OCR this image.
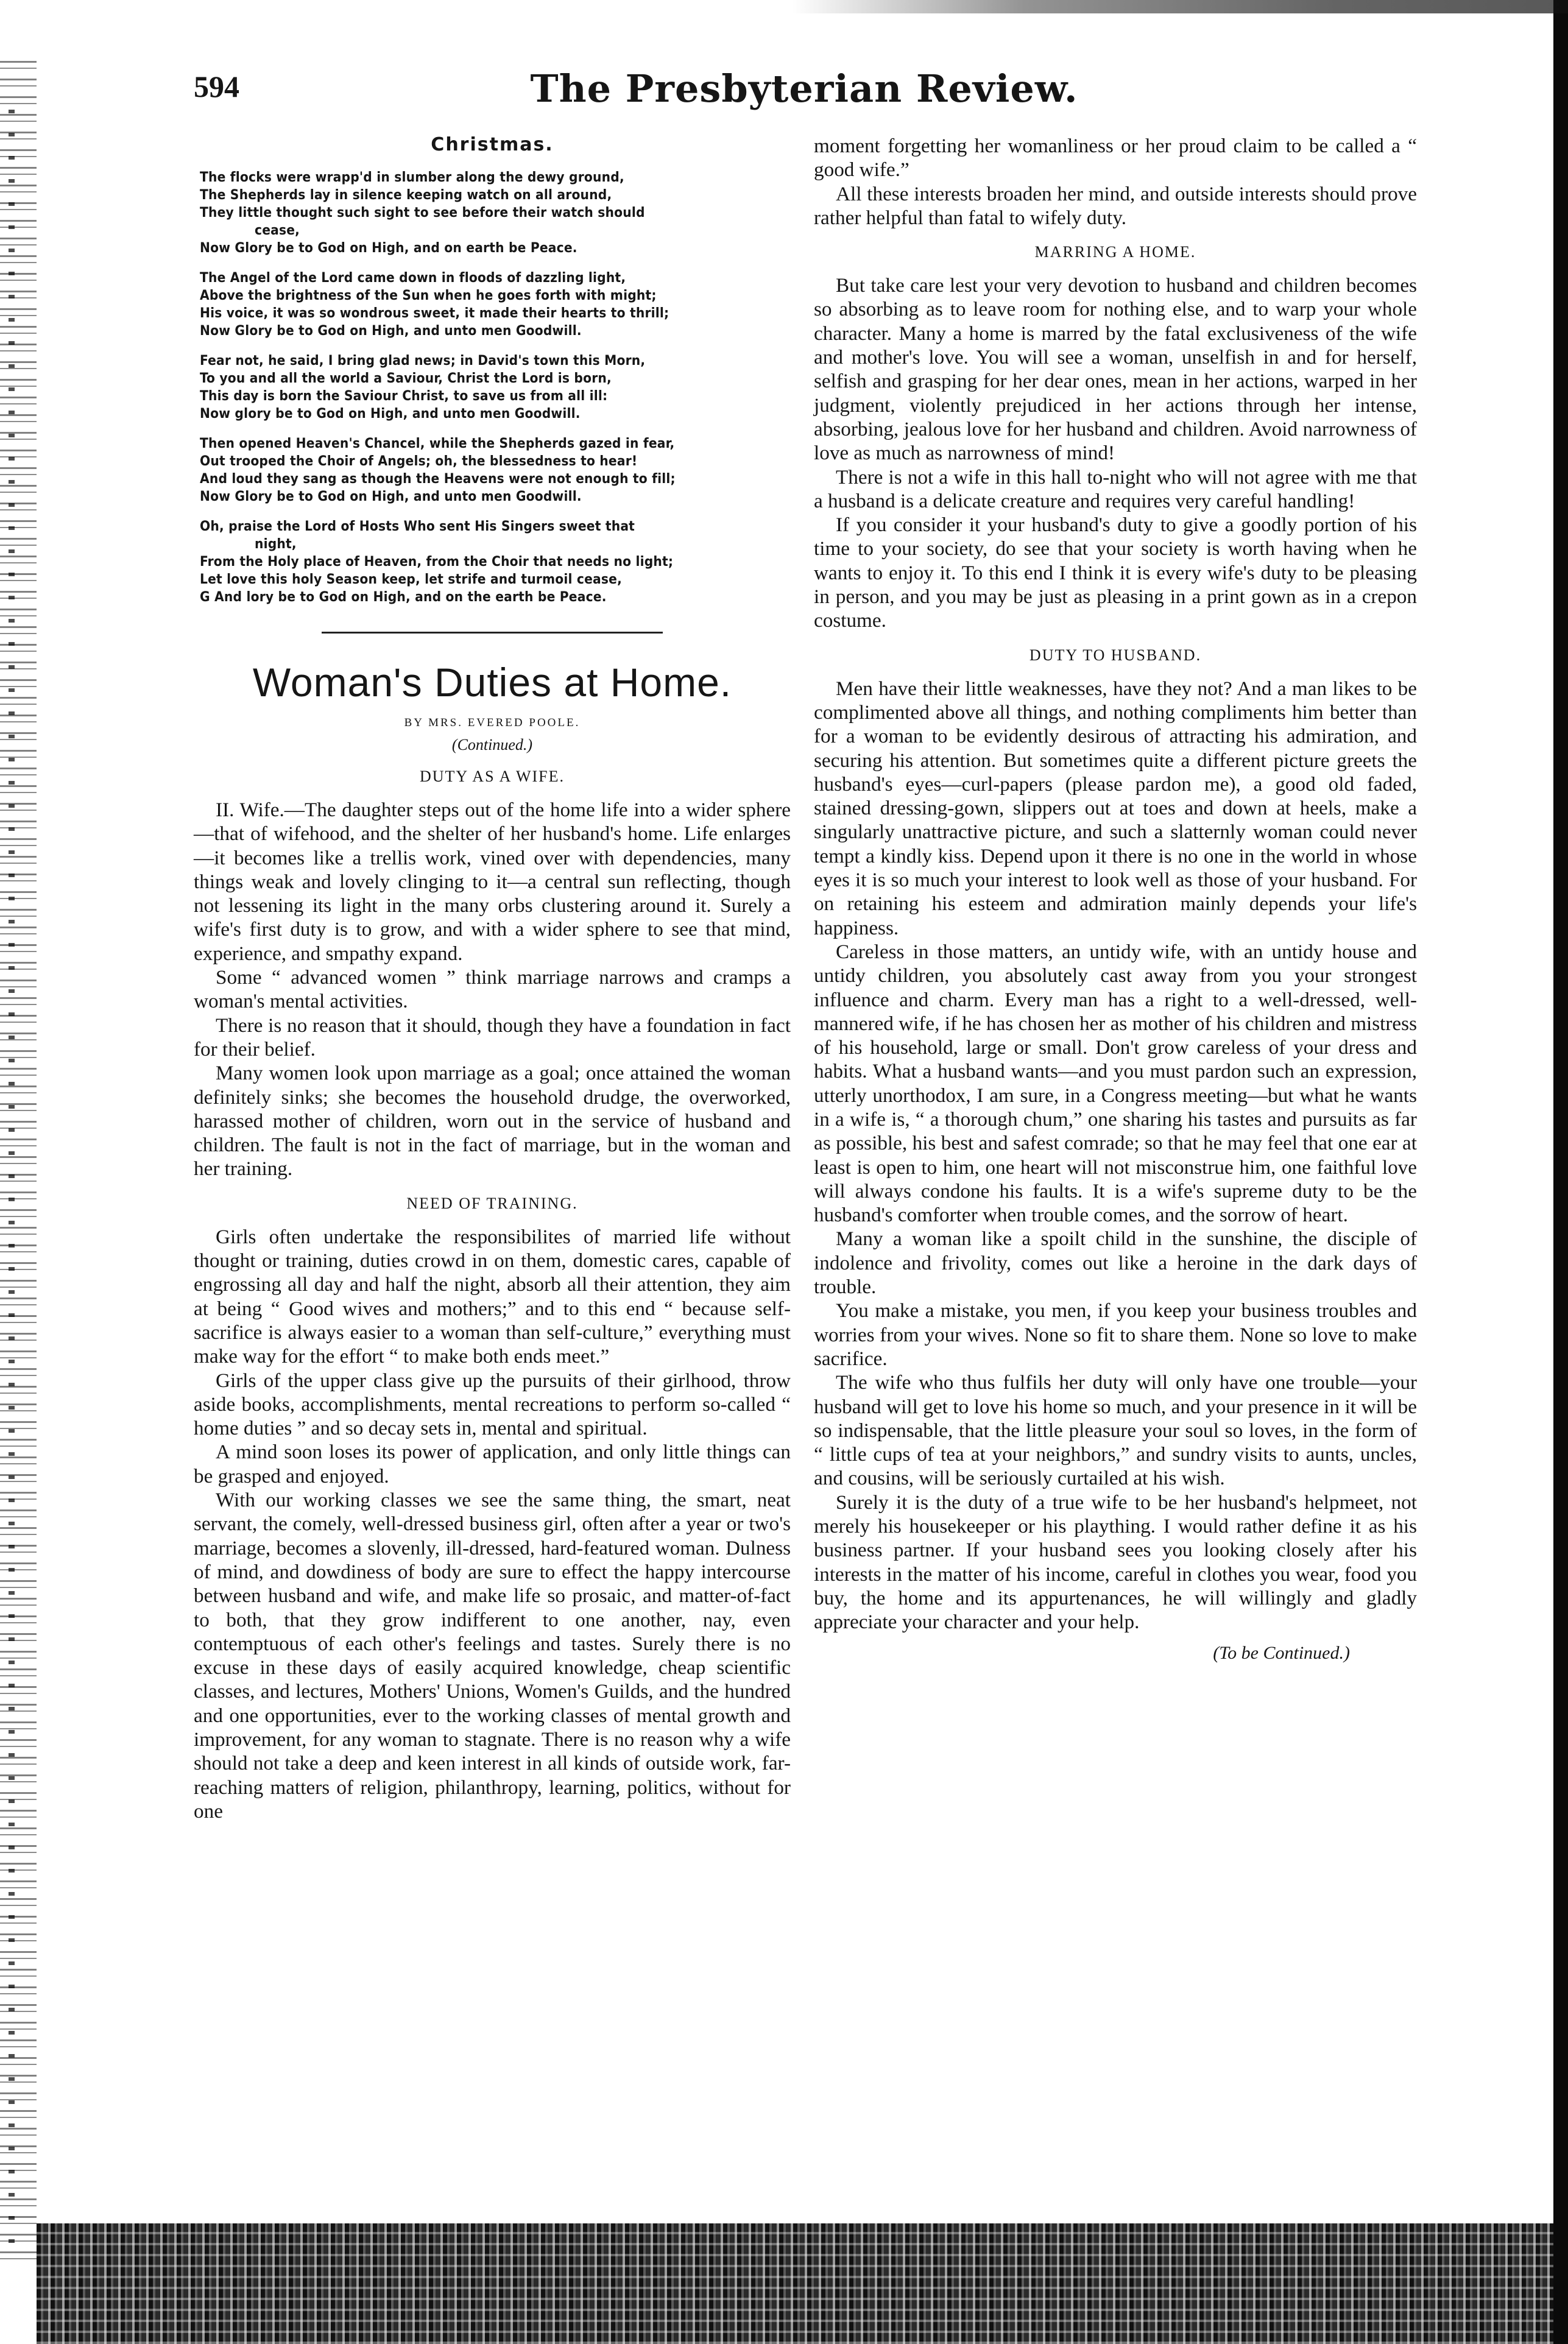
594	The Presbyterian Review.
Christmas.
The flocks were wrapp'd in slumber along the dewy ground,
The Shepherds lay in silence keeping watch on all around,
They little thought such sight to see before their watch should
cease,
Now Glory be to God on High, and on earth be Peace.
The Angel of the Lord came down in floods of dazzling light,
Above the brightness of the Sun when he goes forth with might;
His voice, it was so wondrous sweet, it made their hearts to thrill;
Now Glory be to God on High, and unto men Goodwill.
Fear not, he said, I bring glad news; in David's town this Morn,
To you and all the world a Saviour, Christ the Lord is born,
This day is born the Saviour Christ, to save us from all ill:
Now glory be to God on High, and unto men Goodwill.
Then opened Heaven's Chancel, while the Shepherds gazed in fear,
Out trooped the Choir of Angels; oh, the blessedness to hear!
And loud they sang as though the Heavens were not enough to fill;
Now Glory be to God on High, and unto men Goodwill.
Oh, praise the Lord of Hosts Who sent His Singers sweet that
night,
From the Holy place of Heaven, from the Choir that needs no light;
Let love this holy Season keep, let strife and turmoil cease,
G And lory be to God on High, and on the earth be Peace.
Woman's Duties at Home.
BY MRS. EVERED POOLE.
(Continued.)
DUTY AS A WIFE.

II. Wife.—The daughter steps out of the home life into a wider sphere—that of wifehood, and the shelter of her husband's home. Life enlarges—it becomes like a trellis work, vined over with dependencies, many things weak and lovely clinging to it—a central sun reflecting, though not lessening its light in the many orbs clustering around it. Surely a wife's first duty is to grow, and with a wider sphere to see that mind, experience, and smpathy expand.

Some “ advanced women ” think marriage narrows and cramps a woman's mental activities.

There is no reason that it should, though they have a foundation in fact for their belief.

Many women look upon marriage as a goal; once attained the woman definitely sinks; she becomes the household drudge, the overworked, harassed mother of children, worn out in the service of husband and children. The fault is not in the fact of marriage, but in the woman and her training.

NEED OF TRAINING.

Girls often undertake the responsibilites of married life without thought or training, duties crowd in on them, domestic cares, capable of engrossing all day and half the night, absorb all their attention, they aim at being “ Good wives and mothers;” and to this end “ because self-sacrifice is always easier to a woman than self-culture,” everything must make way for the effort “ to make both ends meet.”

Girls of the upper class give up the pursuits of their girlhood, throw aside books, accomplishments, mental recreations to perform so-called “ home duties ” and so decay sets in, mental and spiritual.

A mind soon loses its power of application, and only little things can be grasped and enjoyed.

With our working classes we see the same thing, the smart, neat servant, the comely, well-dressed business girl, often after a year or two's marriage, becomes a slovenly, ill-dressed, hard-featured woman. Dulness of mind, and dowdiness of body are sure to effect the happy intercourse between husband and wife, and make life so prosaic, and matter-of-fact to both, that they grow indifferent to one another, nay, even contemptuous of each other's feelings and tastes. Surely there is no excuse in these days of easily acquired knowledge, cheap scientific classes, and lectures, Mothers' Unions, Women's Guilds, and the hundred and one opportunities, ever to the working classes of mental growth and improvement, for any woman to stagnate. There is no reason why a wife should not take a deep and keen interest in all kinds of outside work, far-reaching matters of religion, philanthropy, learning, politics, without for one

moment forgetting her womanliness or her proud claim to be called a “ good wife.”

All these interests broaden her mind, and outside interests should prove rather helpful than fatal to wifely duty.

MARRING A HOME.

But take care lest your very devotion to husband and children becomes so absorbing as to leave room for nothing else, and to warp your whole character. Many a home is marred by the fatal exclusiveness of the wife and mother's love. You will see a woman, unselfish in and for herself, selfish and grasping for her dear ones, mean in her actions, warped in her judgment, violently prejudiced in her actions through her intense, absorbing, jealous love for her husband and children. Avoid narrowness of love as much as narrowness of mind!

There is not a wife in this hall to-night who will not agree with me that a husband is a delicate creature and requires very careful handling!

If you consider it your husband's duty to give a goodly portion of his time to your society, do see that your society is worth having when he wants to enjoy it. To this end I think it is every wife's duty to be pleasing in person, and you may be just as pleasing in a print gown as in a crepon costume.

DUTY TO HUSBAND.

Men have their little weaknesses, have they not? And a man likes to be complimented above all things, and nothing compliments him better than for a woman to be evidently desirous of attracting his admiration, and securing his attention. But sometimes quite a different picture greets the husband's eyes—curl-papers (please pardon me), a good old faded, stained dressing-gown, slippers out at toes and down at heels, make a singularly unattractive picture, and such a slatternly woman could never tempt a kindly kiss. Depend upon it there is no one in the world in whose eyes it is so much your interest to look well as those of your husband. For on retaining his esteem and admiration mainly depends your life's happiness.

Careless in those matters, an untidy wife, with an untidy house and untidy children, you absolutely cast away from you your strongest influence and charm. Every man has a right to a well-dressed, well-mannered wife, if he has chosen her as mother of his children and mistress of his household, large or small. Don't grow careless of your dress and habits. What a husband wants—and you must pardon such an expression, utterly unorthodox, I am sure, in a Congress meeting—but what he wants in a wife is, “ a thorough chum,” one sharing his tastes and pursuits as far as possible, his best and safest comrade; so that he may feel that one ear at least is open to him, one heart will not misconstrue him, one faithful love will always condone his faults. It is a wife's supreme duty to be the husband's comforter when trouble comes, and the sorrow of heart.

Many a woman like a spoilt child in the sunshine, the disciple of indolence and frivolity, comes out like a heroine in the dark days of trouble.

You make a mistake, you men, if you keep your business troubles and worries from your wives. None so fit to share them. None so love to make sacrifice.

The wife who thus fulfils her duty will only have one trouble—your husband will get to love his home so much, and your presence in it will be so indispensable, that the little pleasure your soul so loves, in the form of “ little cups of tea at your neighbors,” and sundry visits to aunts, uncles, and cousins, will be seriously curtailed at his wish.

Surely it is the duty of a true wife to be her husband's helpmeet, not merely his housekeeper or his plaything. I would rather define it as his business partner. If your husband sees you looking closely after his interests in the matter of his income, careful in clothes you wear, food you buy, the home and its appurtenances, he will willingly and gladly appreciate your character and your help.

(To be Continued.)
